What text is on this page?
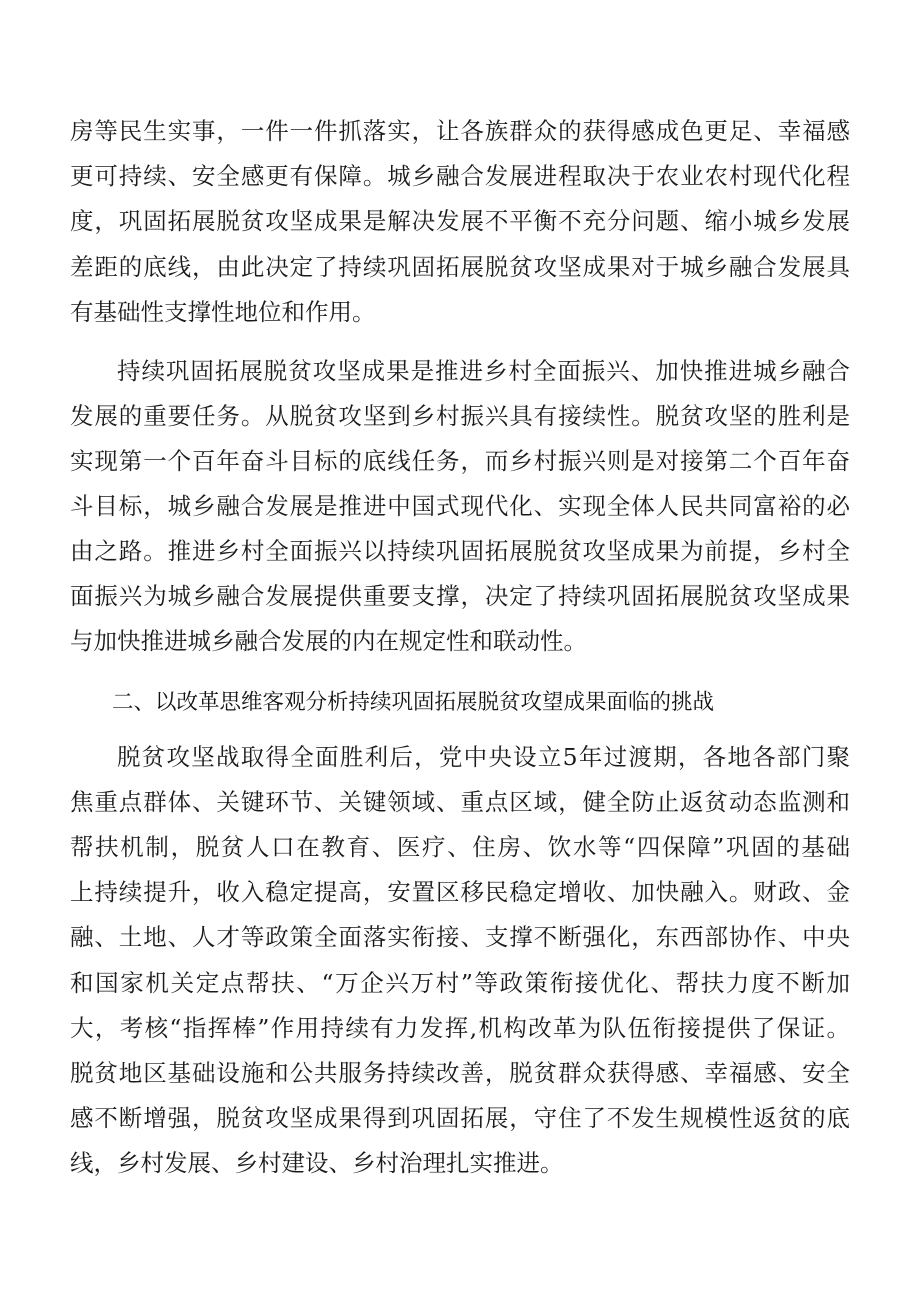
房等民生实事，一件一件抓落实，让各族群众的获得感成色更足、幸福感
更可持续、安全感更有保障。城乡融合发展进程取决于农业农村现代化程
度，巩固拓展脱贫攻坚成果是解决发展不平衡不充分问题、缩小城乡发展
差距的底线，由此决定了持续巩固拓展脱贫攻坚成果对于城乡融合发展具
有基础性支撑性地位和作用。
持续巩固拓展脱贫攻坚成果是推进乡村全面振兴、加快推进城乡融合
发展的重要任务。从脱贫攻坚到乡村振兴具有接续性。脱贫攻坚的胜利是
实现第一个百年奋斗目标的底线任务，而乡村振兴则是对接第二个百年奋
斗目标，城乡融合发展是推进中国式现代化、实现全体人民共同富裕的必
由之路。推进乡村全面振兴以持续巩固拓展脱贫攻坚成果为前提，乡村全
面振兴为城乡融合发展提供重要支撑，决定了持续巩固拓展脱贫攻坚成果
与加快推进城乡融合发展的内在规定性和联动性。
二、以改革思维客观分析持续巩固拓展脱贫攻望成果面临的挑战
脱贫攻坚战取得全面胜利后，党中央设立5年过渡期，各地各部门聚
焦重点群体、关键环节、关键领域、重点区域，健全防止返贫动态监测和
帮扶机制，脱贫人口在教育、医疗、住房、饮水等“四保障”巩固的基础
上持续提升，收入稳定提高，安置区移民稳定增收、加快融入。财政、金
融、土地、人才等政策全面落实衔接、支撑不断强化，东西部协作、中央
和国家机关定点帮扶、“万企兴万村”等政策衔接优化、帮扶力度不断加
大，考核“指挥棒”作用持续有力发挥,机构改革为队伍衔接提供了保证。
脱贫地区基础设施和公共服务持续改善，脱贫群众获得感、幸福感、安全
感不断增强，脱贫攻坚成果得到巩固拓展，守住了不发生规模性返贫的底
线，乡村发展、乡村建设、乡村治理扎实推进。
